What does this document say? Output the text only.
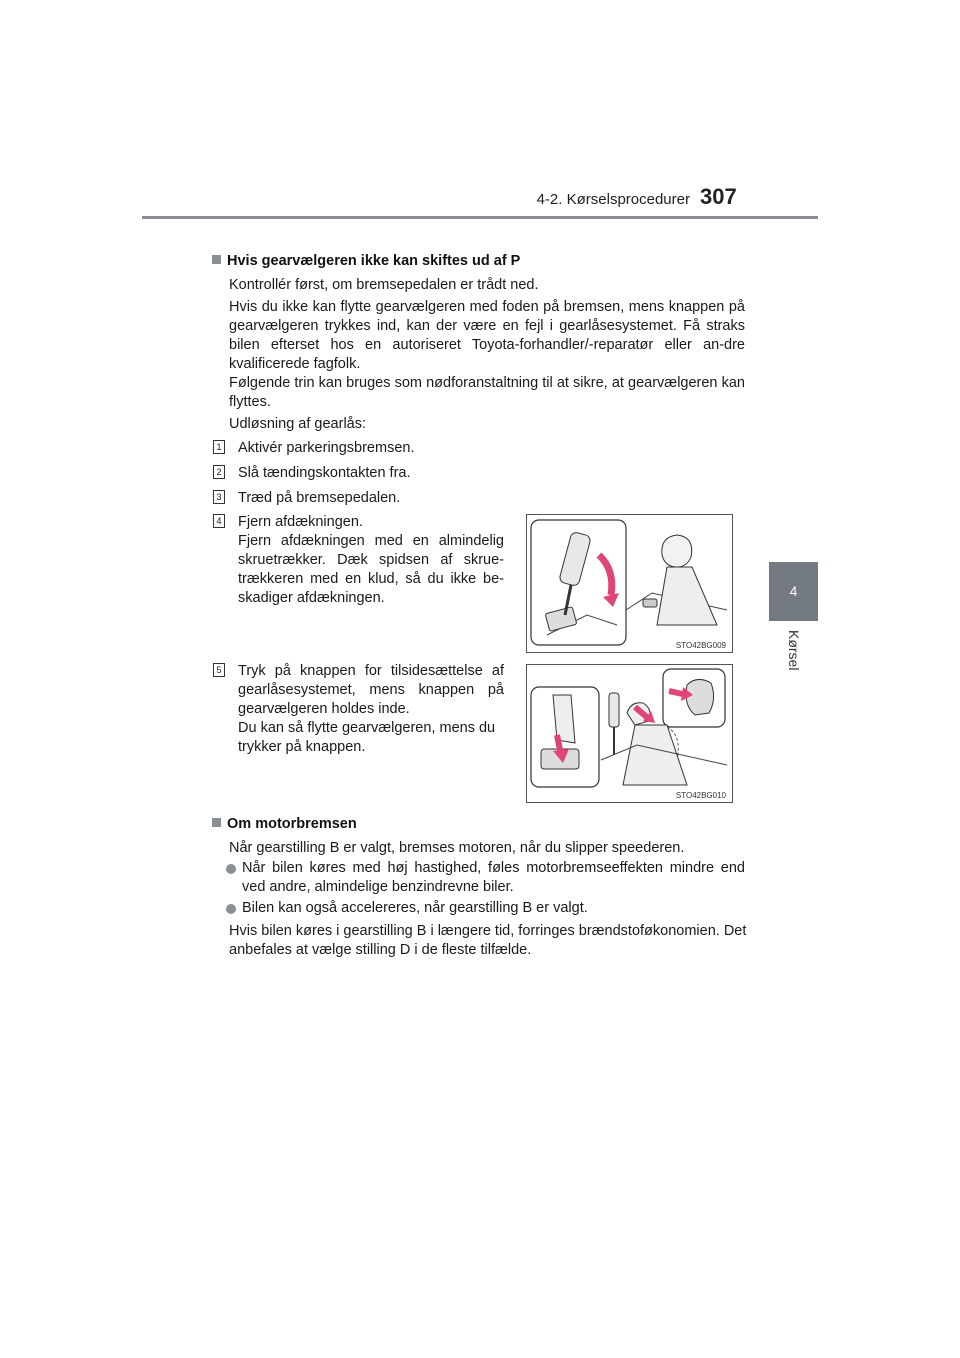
4-2. Kørselsprocedurer 307
4
Kørsel
Hvis gearvælgeren ikke kan skiftes ud af P
Kontrollér først, om bremsepedalen er trådt ned.
Hvis du ikke kan flytte gearvælgeren med foden på bremsen, mens knappen på gearvælgeren trykkes ind, kan der være en fejl i gearlåsesystemet. Få straks bilen efterset hos en autoriseret Toyota-forhandler/-reparatør eller an-dre kvalificerede fagfolk.
Følgende trin kan bruges som nødforanstaltning til at sikre, at gearvælgeren kan flyttes.
Udløsning af gearlås:
1 Aktivér parkeringsbremsen.
2 Slå tændingskontakten fra.
3 Træd på bremsepedalen.
4 Fjern afdækningen.
Fjern afdækningen med en almindelig skruetrækker. Dæk spidsen af skrue-trækkeren med en klud, så du ikke be-skadiger afdækningen.
5 Tryk på knappen for tilsidesættelse af gearlåsesystemet, mens knappen på gearvælgeren holdes inde.
Du kan så flytte gearvælgeren, mens du trykker på knappen.
STO42BG009
STO42BG010
Om motorbremsen
Når gearstilling B er valgt, bremses motoren, når du slipper speederen.
Når bilen køres med høj hastighed, føles motorbremseeffekten mindre end ved andre, almindelige benzindrevne biler.
Bilen kan også accelereres, når gearstilling B er valgt.
Hvis bilen køres i gearstilling B i længere tid, forringes brændstoføkonomien. Det anbefales at vælge stilling D i de fleste tilfælde.
